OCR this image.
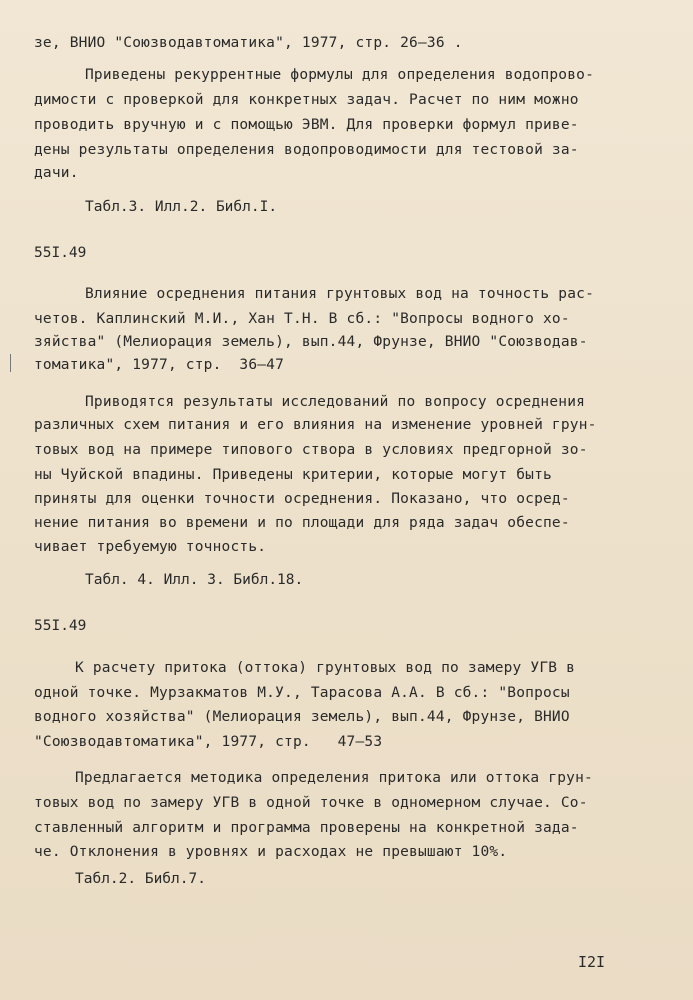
зе, ВНИО "Союзводавтоматика", 1977, стр. 26–36 .
Приведены рекуррентные формулы для определения водопрово-
димости с проверкой для конкретных задач. Расчет по ним можно
проводить вручную и с помощью ЭВМ. Для проверки формул приве-
дены результаты определения водопроводимости для тестовой за-
дачи.
Табл.3. Илл.2. Библ.I.
55I.49
Влияние осреднения питания грунтовых вод на точность рас-
четов. Каплинский М.И., Хан Т.Н. В сб.: "Вопросы водного хо-
зяйства" (Мелиорация земель), вып.44, Фрунзе, ВНИО "Союзводав-
томатика", 1977, стр.  36–47
Приводятся результаты исследований по вопросу осреднения
различных схем питания и его влияния на изменение уровней грун-
товых вод на примере типового створа в условиях предгорной зо-
ны Чуйской впадины. Приведены критерии, которые могут быть
приняты для оценки точности осреднения. Показано, что осред-
нение питания во времени и по площади для ряда задач обеспе-
чивает требуемую точность.
Табл. 4. Илл. 3. Библ.18.
55I.49
К расчету притока (оттока) грунтовых вод по замеру УГВ в
одной точке. Мурзакматов М.У., Тарасова А.А. В сб.: "Вопросы
водного хозяйства" (Мелиорация земель), вып.44, Фрунзе, ВНИО
"Союзводавтоматика", 1977, стр.   47–53
Предлагается методика определения притока или оттока грун-
товых вод по замеру УГВ в одной точке в одномерном случае. Со-
ставленный алгоритм и программа проверены на конкретной зада-
че. Отклонения в уровнях и расходах не превышают 10%.
Табл.2. Библ.7.
I2I
